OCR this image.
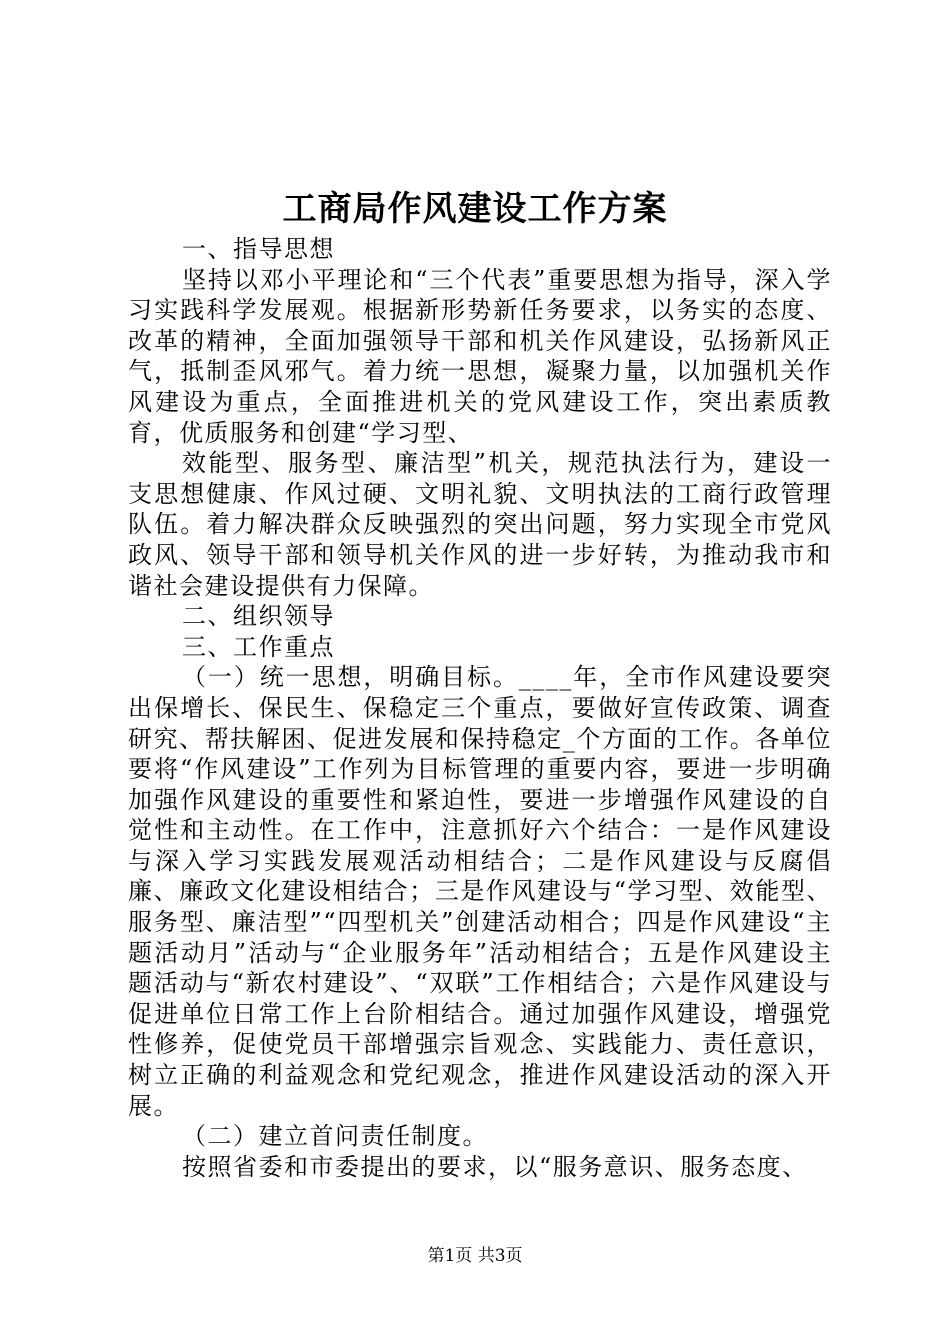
工商局作风建设工作方案

一、指导思想

坚持以邓小平理论和“三个代表”重要思想为指导，深入学习实践科学发展观。根据新形势新任务要求，以务实的态度、改革的精神，全面加强领导干部和机关作风建设，弘扬新风正气，抵制歪风邪气。着力统一思想，凝聚力量，以加强机关作风建设为重点，全面推进机关的党风建设工作，突出素质教育，优质服务和创建“学习型、

效能型、服务型、廉洁型”机关，规范执法行为，建设一支思想健康、作风过硬、文明礼貌、文明执法的工商行政管理队伍。着力解决群众反映强烈的突出问题，努力实现全市党风政风、领导干部和领导机关作风的进一步好转，为推动我市和谐社会建设提供有力保障。

二、组织领导

三、工作重点

（一）统一思想，明确目标。____年，全市作风建设要突出保增长、保民生、保稳定三个重点，要做好宣传政策、调查研究、帮扶解困、促进发展和保持稳定_个方面的工作。各单位要将“作风建设”工作列为目标管理的重要内容，要进一步明确加强作风建设的重要性和紧迫性，要进一步增强作风建设的自觉性和主动性。在工作中，注意抓好六个结合：一是作风建设与深入学习实践发展观活动相结合；二是作风建设与反腐倡廉、廉政文化建设相结合；三是作风建设与“学习型、效能型、服务型、廉洁型”“四型机关”创建活动相合；四是作风建设“主题活动月”活动与“企业服务年”活动相结合；五是作风建设主题活动与“新农村建设”、“双联”工作相结合；六是作风建设与促进单位日常工作上台阶相结合。通过加强作风建设，增强党性修养，促使党员干部增强宗旨观念、实践能力、责任意识，树立正确的利益观念和党纪观念，推进作风建设活动的深入开展。

（二）建立首问责任制度。

按照省委和市委提出的要求，以“服务意识、服务态度、

第1页 共3页
